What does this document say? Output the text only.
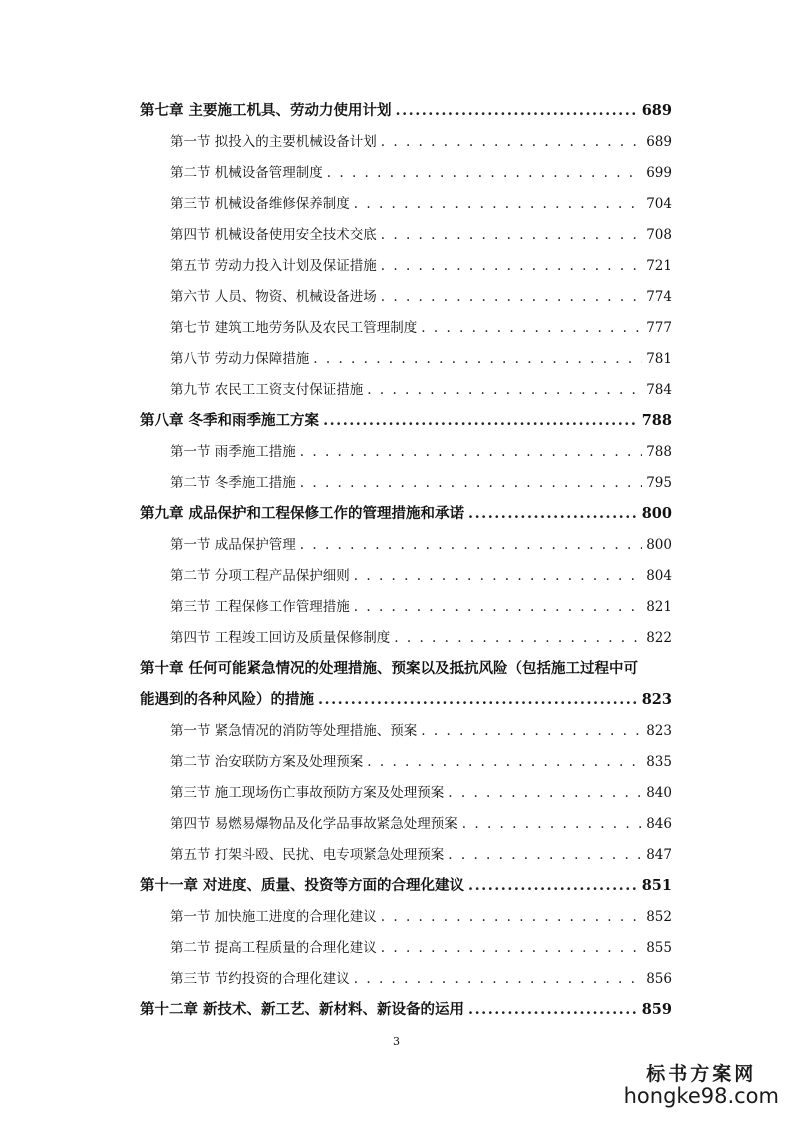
第七章 主要施工机具、劳动力使用计划 .....	689
第一节 拟投入的主要机械设备计划 . . .	689
第二节 机械设备管理制度 . . .	699
第三节 机械设备维修保养制度 . . .	704
第四节 机械设备使用安全技术交底 . . .	708
第五节 劳动力投入计划及保证措施 . . .	721
第六节 人员、物资、机械设备进场 . . .	774
第七节 建筑工地劳务队及农民工管理制度 . . .	777
第八节 劳动力保障措施 . . .	781
第九节 农民工工资支付保证措施 . . .	784
第八章 冬季和雨季施工方案 .....	788
第一节 雨季施工措施 . . .	788
第二节 冬季施工措施 . . .	795
第九章 成品保护和工程保修工作的管理措施和承诺 .....	800
第一节 成品保护管理 . . .	800
第二节 分项工程产品保护细则 . . .	804
第三节 工程保修工作管理措施 . . .	821
第四节 工程竣工回访及质量保修制度 . . .	822
第十章 任何可能紧急情况的处理措施、预案以及抵抗风险（包括施工过程中可
能遇到的各种风险）的措施 .....	823
第一节 紧急情况的消防等处理措施、预案 . . .	823
第二节 治安联防方案及处理预案 . . .	835
第三节 施工现场伤亡事故预防方案及处理预案 . . .	840
第四节 易燃易爆物品及化学品事故紧急处理预案 . . .	846
第五节 打架斗殴、民扰、电专项紧急处理预案 . . .	847
第十一章 对进度、质量、投资等方面的合理化建议 .....	851
第一节 加快施工进度的合理化建议 . . .	852
第二节 提高工程质量的合理化建议 . . .	855
第三节 节约投资的合理化建议 . . .	856
第十二章 新技术、新工艺、新材料、新设备的运用 .....	859
3
标书方案网
hongke98.com
